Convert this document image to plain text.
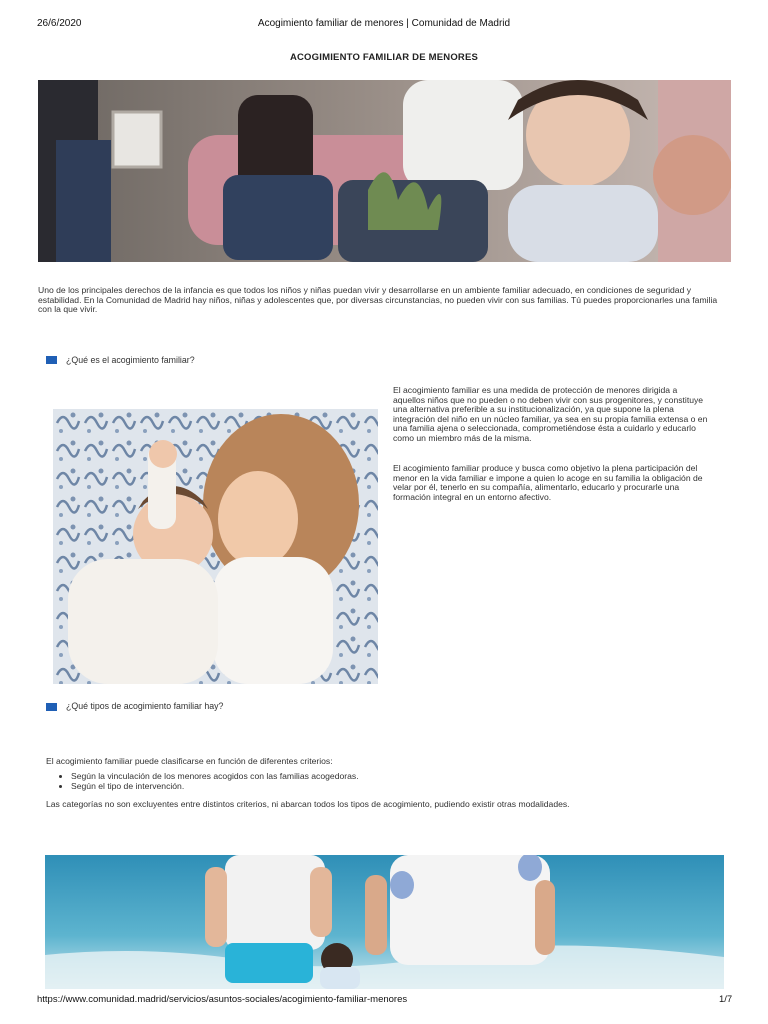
26/6/2020	Acogimiento familiar de menores | Comunidad de Madrid
ACOGIMIENTO FAMILIAR DE MENORES
Uno de los principales derechos de la infancia es que todos los niños y niñas puedan vivir y desarrollarse en un ambiente familiar adecuado, en condiciones de seguridad y estabilidad. En la Comunidad de Madrid hay niños, niñas y adolescentes que, por diversas circunstancias, no pueden vivir con sus familias. Tú puedes proporcionarles una familia con la que vivir.
¿Qué es el acogimiento familiar?
El acogimiento familiar es una medida de protección de menores dirigida a aquellos niños que no pueden o no deben vivir con sus progenitores, y constituye una alternativa preferible a su institucionalización, ya que supone la plena integración del niño en un núcleo familiar, ya sea en su propia familia extensa o en una familia ajena o seleccionada, comprometiéndose ésta a cuidarlo y educarlo como un miembro más de la misma.
El acogimiento familiar produce y busca como objetivo la plena participación del menor en la vida familiar e impone a quien lo acoge en su familia la obligación de velar por él, tenerlo en su compañía, alimentarlo, educarlo y procurarle una formación integral en un entorno afectivo.
¿Qué tipos de acogimiento familiar hay?
El acogimiento familiar puede clasificarse en función de diferentes criterios:
• Según la vinculación de los menores acogidos con las familias acogedoras.
• Según el tipo de intervención.
Las categorías no son excluyentes entre distintos criterios, ni abarcan todos los tipos de acogimiento, pudiendo existir otras modalidades.
https://www.comunidad.madrid/servicios/asuntos-sociales/acogimiento-familiar-menores	1/7
